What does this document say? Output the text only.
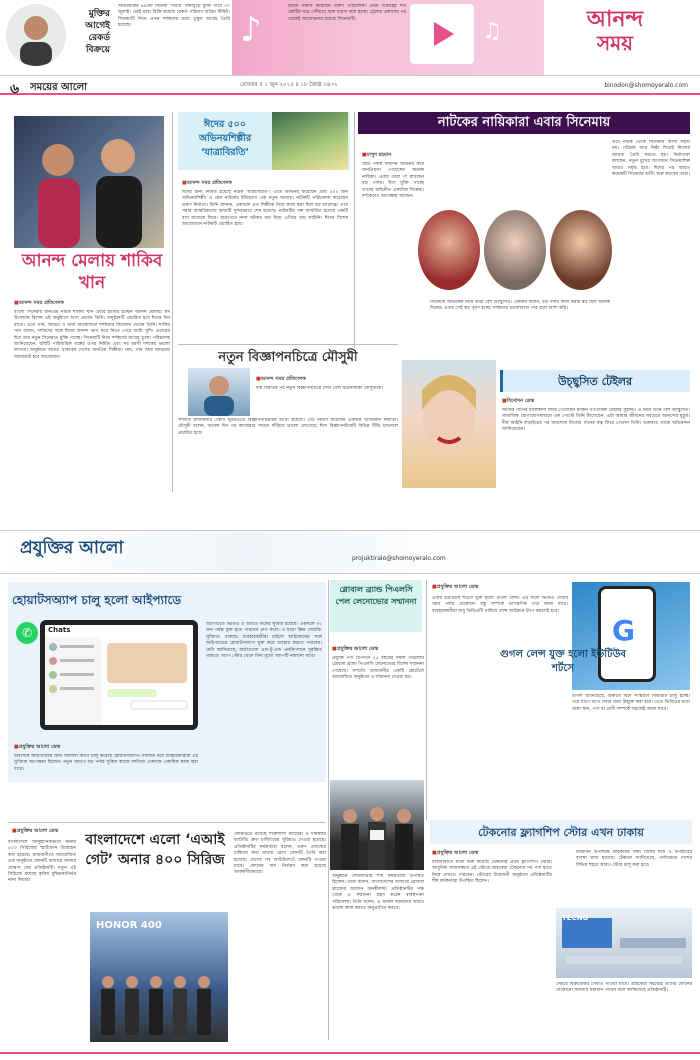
মুক্তির আগেই রেকর্ড বিক্রয়ে
অভিষেকের ৯৯তম সিনেমা ‘দিরাট’ বিশ্বজুড়ে মুক্তি পাবে ৩০ জুলাই। এরই মধ্যে বিক্রি হয়েছে রেকর্ড পরিমাণ অগ্রিম টিকিট। সিনেমাটি নিয়ে এখন দর্শকদের মধ্যে তুমুল আগ্রহ তৈরি হয়েছে।	♪	♫
ছবিটি নির্মাণ করেছেন তরুণ পরিচালক। প্রথম সপ্তাহেই শত কোটির ঘরে পৌঁছাবে বলে ধারণা করা হচ্ছে। ট্রেলার প্রকাশের পর থেকেই আলোচনায় রয়েছে সিনেমাটি।	আনন্দ
সময়
৬ সময়ের আলো	রোববার ॥ ১ জুন ২০২৫ ॥ ১৮ জ্যৈষ্ঠ ১৪৩২	binodon@shomoyeralo.com
আনন্দ মেলায় শাকিব খান
■ আনন্দ সময় প্রতিবেদক
বাংলা সিনেমার জনপ্রিয় নায়ক শাকিব খান এবার হাজির হচ্ছেন আনন্দ মেলায়। ঈদ উপলক্ষে বিশেষ এই অনুষ্ঠানে অংশ নেবেন তিনি। অনুষ্ঠানটি প্রচারিত হবে ঈদের দিন রাতে। এতে গান, আড্ডা ও নানা আয়োজনে দর্শকদের বিনোদন দেবেন তিনি। শাকিব খান বলেন, দর্শকদের সঙ্গে ঈদের আনন্দ ভাগ করে নিতে পেরে আমি খুশি। এবারের ঈদে তার নতুন সিনেমাও মুক্তি পাচ্ছে। সিনেমাটি নিয়ে দর্শকদের আগ্রহ তুঙ্গে। পরিচালক জানিয়েছেন, ছবিটি পারিবারিক গল্পের ওপর নির্মিত এবং সব বয়সী দর্শকের ভালো লাগবে। অনুষ্ঠানে আরও থাকবেন দেশের জনপ্রিয় শিল্পীরা। নাচ, গান আর আড্ডায় জমজমাট হবে আয়োজন।
ঈদের ৫০০ অভিনয়শিল্পীর ‘যাত্রাবিরতি’
■ আনন্দ সময় প্রতিবেদক
ঈদের জন্য নির্মিত হয়েছে নাটক ‘যাত্রাবিরতি’। এতে অভিনয় করেছেন প্রায় ৫০০ জন অভিনয়শিল্পী। এ যেন নাটকের ইতিহাসে এক নতুন অধ্যায়। নাটকটি পরিচালনা করেছেন তরুণ নির্মাতা। তিনি জানান, একসঙ্গে এত শিল্পীকে নিয়ে কাজ করা ছিল বড় চ্যালেঞ্জ। তবে সবার আন্তরিকতায় কাজটি সুন্দরভাবে শেষ হয়েছে। নাটকটির গল্প আবর্তিত হয়েছে একটি বাস যাত্রাকে ঘিরে। যাত্রাপথে নানা ঘটনার মধ্য দিয়ে এগিয়ে যায় কাহিনি। ঈদের বিশেষ আয়োজনে নাটকটি প্রচারিত হবে।
নাটকের নায়িকারা এবার সিনেমায়
■ মাসুদ রহমান
ছোট পর্দায় দীর্ঘদিন অভিনয় করে জনপ্রিয়তা পেয়েছেন অনেক নায়িকা। এবার তারা পা রাখছেন বড় পর্দায়। ঈদে মুক্তি পাচ্ছে তাদের অভিনীত একাধিক সিনেমা। দর্শকেরাও অপেক্ষায় আছেন।
সিনেমায় অভিষেক নিয়ে তারা বেশ উচ্ছ্বসিত। একজন বলেন, বড় পর্দায় কাজ করার স্বপ্ন ছিল অনেক দিনের। এবার সেই স্বপ্ন পূরণ হচ্ছে। দর্শকদের ভালোবাসা পাব বলে আশা করি।
তবে নাটক থেকে সিনেমায় আসা সহজ নয়। পরিশ্রম আর নিষ্ঠা দিয়েই নিজের জায়গা তৈরি করতে হয়। নির্মাতারা বলছেন, নতুন মুখের আগমনে সিনেমাশিল্প আরও সমৃদ্ধ হবে। ঈদের পর আরও কয়েকটি সিনেমার শুটিং শুরু করবেন তারা।
নতুন বিজ্ঞাপনচিত্রে মৌসুমী
■ আনন্দ সময় প্রতিবেদক
দীর্ঘ বিরতির পর নতুন বিজ্ঞাপনচিত্রে দেখা গেল চিত্রনায়িকা মৌসুমীকে।
সম্প্রতি রাজধানীর একটি স্টুডিওতে বিজ্ঞাপনচিত্রটির শুটিং হয়েছে। এটি নির্মাণ করেছেন একজন খ্যাতিমান নির্মাতা। মৌসুমী বলেন, অনেক দিন পর ক্যামেরার সামনে দাঁড়িয়ে ভালো লেগেছে। ঈদে বিজ্ঞাপনচিত্রটি বিভিন্ন টিভি চ্যানেলে প্রচারিত হবে।
উচ্ছ্বসিত টেইলর
■ বিনোদন ডেস্ক
নিজের গানের মালিকানা ফিরে পেয়েছেন মার্কিন পপতারকা টেইলর সুইফট। এ নিয়ে তিনি বেশ উচ্ছ্বসিত। সামাজিক যোগাযোগমাধ্যমে এক পোস্টে তিনি লিখেছেন, এটা আমার জীবনের সবচেয়ে আনন্দের মুহূর্ত। দীর্ঘ আইনি লড়াইয়ের পর অবশেষে নিজের গানের স্বত্ব ফিরে পেলেন তিনি। ভক্তরাও তাকে অভিনন্দন জানিয়েছেন।
প্রযুক্তির আলো
projuktiralo@shomoyeralo.com
হোয়াটসঅ্যাপ চালু হলো আইপ্যাডে
✆	Chats
■ প্রযুক্তির আলো ডেস্ক
অবশেষে আইপ্যাডের জন্য আলাদা অ্যাপ চালু করেছে হোয়াটসঅ্যাপ। দীর্ঘদিন ধরে ব্যবহারকারীরা এই সুবিধার অপেক্ষায় ছিলেন। নতুন অ্যাপে বড় পর্দার সুবিধা কাজে লাগিয়ে একসঙ্গে একাধিক কাজ করা যাবে।
অ্যাপটিতে ভিডিও ও অডিও কলের সুবিধা রয়েছে। একসঙ্গে ৩২ জন পর্যন্ত যুক্ত হতে পারবেন গ্রুপ কলে। এ ছাড়া স্ক্রিন শেয়ারিং সুবিধাও থাকছে। ব্যবহারকারীরা চাইলে আইফোনের সঙ্গে আইপ্যাডের হোয়াটসঅ্যাপ যুক্ত করে ব্যবহার করতে পারবেন। মেটা জানিয়েছে, বার্তাগুলো এন্ড-টু-এন্ড এনক্রিপশনে সুরক্ষিত থাকবে। অ্যাপ স্টোর থেকে বিনা মূল্যে অ্যাপটি নামানো যাবে।
গ্লোবাল ব্র্যান্ড পিএলসি পেল লেনোভোর সম্মাননা
■ প্রযুক্তির আলো ডেস্ক
প্রযুক্তি পণ্য বিপণনে ২৫ বছরের সফল পথচলায় গ্লোবাল ব্র্যান্ড পিএলসি লেনোভোর বিশেষ সম্মাননা পেয়েছে। সম্প্রতি রাজধানীর একটি হোটেলে আয়োজিত অনুষ্ঠানে এ সম্মাননা দেওয়া হয়।
অনুষ্ঠানে লেনোভোর শীর্ষ কর্মকর্তারা উপস্থিত ছিলেন। তারা বলেন, বাংলাদেশের বাজারে গ্লোবাল ব্র্যান্ডের অবদান অনস্বীকার্য। প্রতিষ্ঠানটির পক্ষ থেকে এ সম্মাননা গ্রহণ করেন ব্যবস্থাপনা পরিচালক। তিনি বলেন, এ অর্জন আমাদের আরও ভালো কাজ করতে অনুপ্রাণিত করবে।
■ প্রযুক্তির আলো ডেস্ক
এবার ইউটিউব শর্টসে যুক্ত হলো গুগল লেন্স। এর ফলে ভিডিও দেখার সময় পর্দার যেকোনো বস্তু সম্পর্কে তাৎক্ষণিক তথ্য জানা যাবে। ব্যবহারকারীরা শুধু ভিডিওটি থামিয়ে লেন্স আইকনে ট্যাপ করলেই হবে।
G
গুগল লেন্স যুক্ত হলো ইউটিউব শর্টসে
গুগল জানিয়েছে, শুরুতে বিটা সংস্করণে ফিচারটি চালু হচ্ছে। পরে ধাপে ধাপে সবার জন্য উন্মুক্ত করা হবে। এতে ভিডিওর মধ্যে থাকা স্থান, পণ্য বা প্রাণী সম্পর্কে সহজেই জানা যাবে।
বাংলাদেশে এলো ‘এআই গেট’ অনার ৪০০ সিরিজ
■ প্রযুক্তির আলো ডেস্ক
বাংলাদেশে আনুষ্ঠানিকভাবে অনার ৪০০ সিরিজের স্মার্টফোন উন্মোচন করা হয়েছে। রাজধানীতে আয়োজিত এক অনুষ্ঠানে ফোনটি বাজারে আনার ঘোষণা দেয় প্রতিষ্ঠানটি। নতুন এই সিরিজে রয়েছে কৃত্রিম বুদ্ধিমত্তানির্ভর নানা ফিচার।
HONOR 400
ফোনটিতে রয়েছে শক্তিশালী ক্যামেরা ও দীর্ঘস্থায়ী ব্যাটারি। দ্রুত চার্জিংয়ের সুবিধাও দেওয়া হয়েছে। প্রতিষ্ঠানটির কর্মকর্তারা বলেন, তরুণ প্রজন্মের চাহিদার কথা মাথায় রেখে ফোনটি তৈরি করা হয়েছে। দেশের সব আউটলেটে ফোনটি পাওয়া যাবে। ফোনের দাম নির্ধারণ করা হয়েছে আকর্ষণীয়ভাবে।
টেকনোর ফ্ল্যাগশিপ স্টোর এখন ঢাকায়
■ প্রযুক্তির আলো ডেস্ক
রাজধানীতে যাত্রা শুরু করেছে টেকনোর প্রথম ফ্ল্যাগশিপ স্টোর। আধুনিক সাজসজ্জার এই স্টোরে গ্রাহকেরা টেকনোর সব পণ্য হাতে নিয়ে দেখতে পারবেন। স্টোরের উদ্বোধনী অনুষ্ঠানে প্রতিষ্ঠানটির শীর্ষ কর্মকর্তারা উপস্থিত ছিলেন।
উদ্বোধন উপলক্ষে গ্রাহকদের জন্য বিশেষ ছাড় ও উপহারের ব্যবস্থা রাখা হয়েছে। টেকনো জানিয়েছে, পর্যায়ক্রমে দেশের বিভিন্ন শহরে আরও স্টোর চালু করা হবে।
TECNO
স্টোরে বিক্রয়োত্তর সেবাও পাওয়া যাবে। গ্রাহকেরা সহজেই তাদের ফোনের যেকোনো সমস্যার সমাধান পাবেন বলে জানিয়েছে প্রতিষ্ঠানটি।
